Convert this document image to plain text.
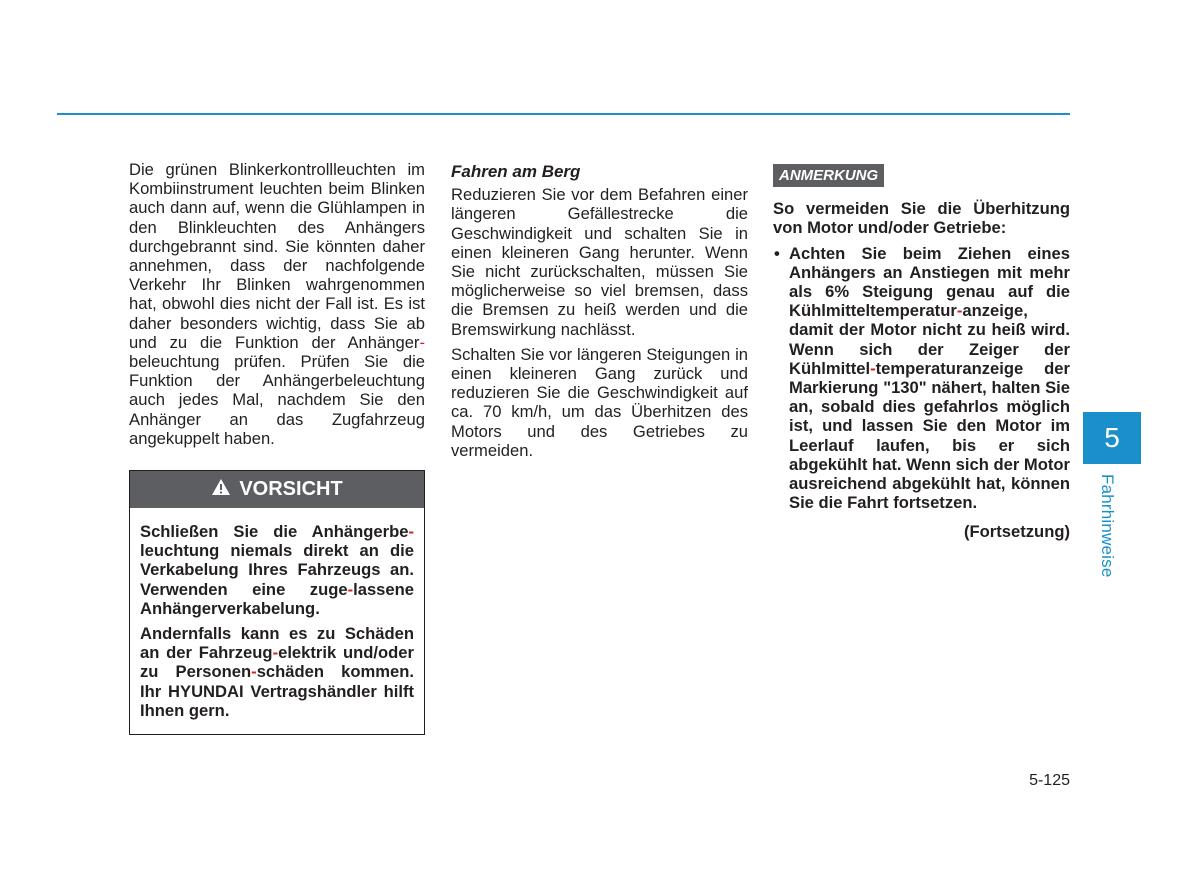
Die grünen Blinkerkontrollleuchten im Kombiinstrument leuchten beim Blinken auch dann auf, wenn die Glühlampen in den Blinkleuchten des Anhängers durchgebrannt sind. Sie könnten daher annehmen, dass der nachfolgende Verkehr Ihr Blinken wahrgenommen hat, obwohl dies nicht der Fall ist. Es ist daher besonders wichtig, dass Sie ab und zu die Funktion der Anhänger-beleuchtung prüfen. Prüfen Sie die Funktion der Anhängerbeleuchtung auch jedes Mal, nachdem Sie den Anhänger an das Zugfahrzeug angekuppelt haben.

VORSICHT

Schließen Sie die Anhängerbe-leuchtung niemals direkt an die Verkabelung Ihres Fahrzeugs an. Verwenden eine zuge-lassene Anhängerverkabelung.

Andernfalls kann es zu Schäden an der Fahrzeug-elektrik und/oder zu Personen-schäden kommen. Ihr HYUNDAI Vertragshändler hilft Ihnen gern.

Fahren am Berg

Reduzieren Sie vor dem Befahren einer längeren Gefällestrecke die Geschwindigkeit und schalten Sie in einen kleineren Gang herunter. Wenn Sie nicht zurückschalten, müssen Sie möglicherweise so viel bremsen, dass die Bremsen zu heiß werden und die Bremswirkung nachlässt.

Schalten Sie vor längeren Steigungen in einen kleineren Gang zurück und reduzieren Sie die Geschwindigkeit auf ca. 70 km/h, um das Überhitzen des Motors und des Getriebes zu vermeiden.

ANMERKUNG

So vermeiden Sie die Überhitzung von Motor und/oder Getriebe:

• Achten Sie beim Ziehen eines Anhängers an Anstiegen mit mehr als 6% Steigung genau auf die Kühlmitteltemperatur-anzeige, damit der Motor nicht zu heiß wird. Wenn sich der Zeiger der Kühlmittel-temperaturanzeige der Markierung "130" nähert, halten Sie an, sobald dies gefahrlos möglich ist, und lassen Sie den Motor im Leerlauf laufen, bis er sich abgekühlt hat. Wenn sich der Motor ausreichend abgekühlt hat, können Sie die Fahrt fortsetzen.
(Fortsetzung)
5
Fahrhinweise
5-125
